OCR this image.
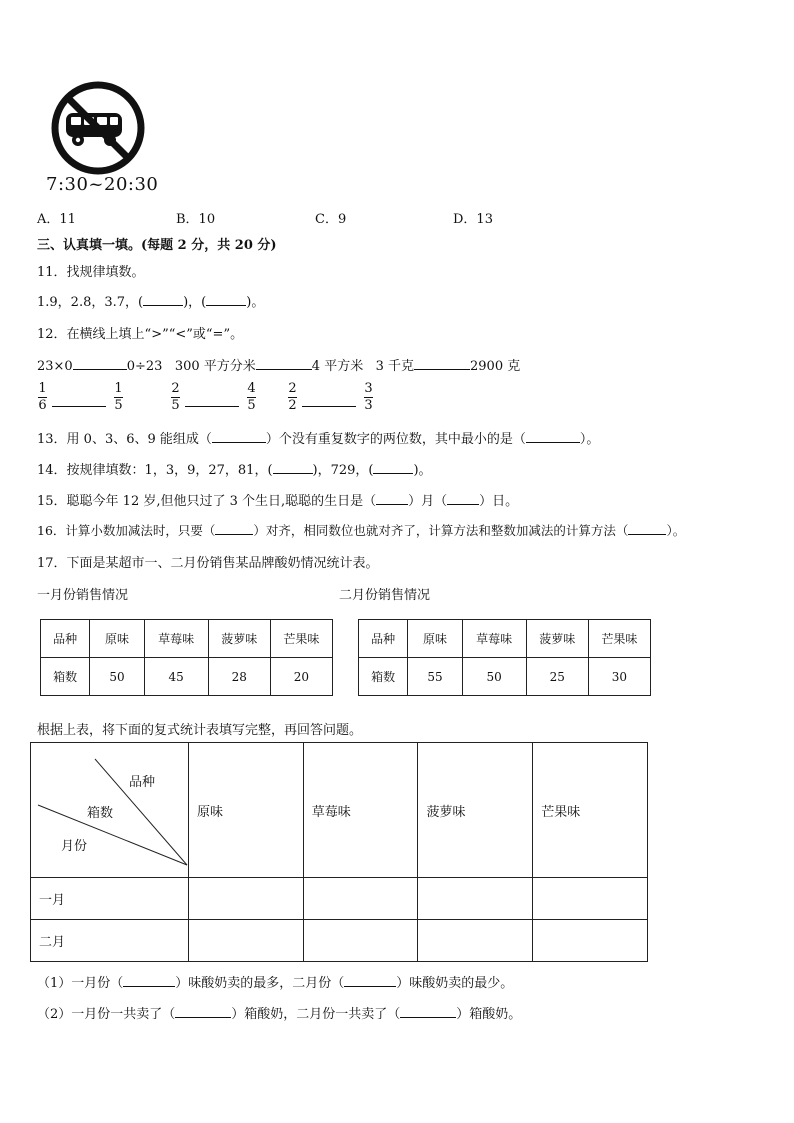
7:30~20:30
A．11	B．10	C．9	D．13
三、认真填一填。(每题 2 分，共 20 分)
11．找规律填数。
1.9，2.8，3.7，(	)，(	)。
12．在横线上填上“>”“<”或“=”。
23×0	0÷23 300 平方分米	4 平方米 3 千克	2900 克
1
6
1
5
2
5
4
5
2
2
3
3
13．用 0、3、6、9 能组成（	）个没有重复数字的两位数，其中最小的是（	）。
14．按规律填数：1，3，9，27，81，(	)，729，(	)。
15．聪聪今年 12 岁,但他只过了 3 个生日,聪聪的生日是（ ）月（ ）日。
16．计算小数加减法时，只要（	）对齐，相同数位也就对齐了，计算方法和整数加减法的计算方法（	）。
17．下面是某超市一、二月份销售某品牌酸奶情况统计表。
一月份销售情况	二月份销售情况
品种	原味	草莓味	菠萝味	芒果味
箱数	50	45	28	20
品种	原味	草莓味	菠萝味	芒果味
箱数	55	50	25	30
根据上表，将下面的复式统计表填写完整，再回答问题。
品种
箱数
月份	原味	草莓味	菠萝味	芒果味
一月				
二月				
（1）一月份（	）味酸奶卖的最多，二月份（	）味酸奶卖的最少。
（2）一月份一共卖了（	）箱酸奶，二月份一共卖了（	）箱酸奶。
